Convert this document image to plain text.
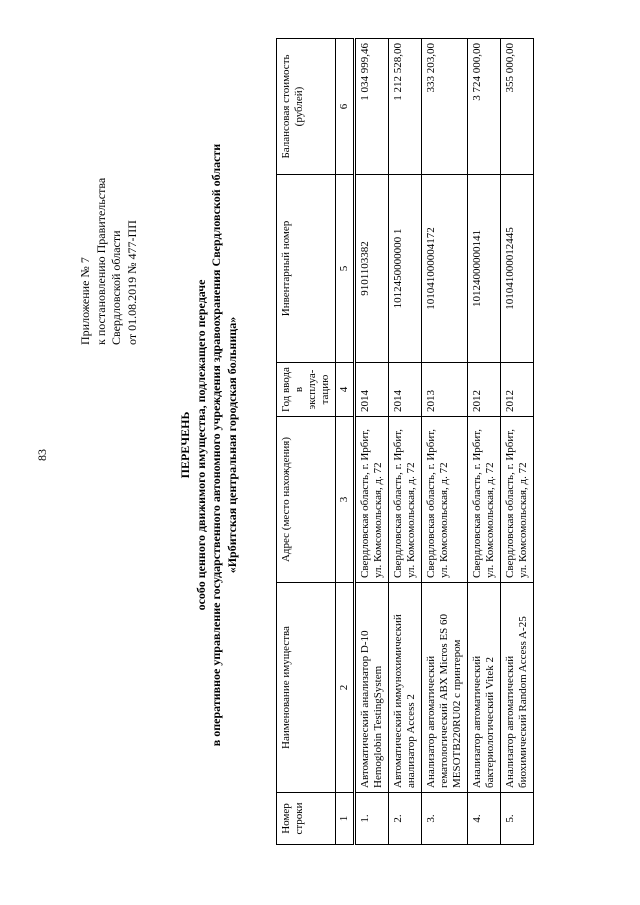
83
Приложение № 7 к постановлению Правительства Свердловской области от 01.08.2019 № 477-ПП
ПЕРЕЧЕНЬ особо ценного движимого имущества, подлежащего передаче в оперативное управление государственного автономного учреждения здравоохранения Свердловской области «Ирбитская центральная городская больница»
Номер строки	Наименование имущества	Адрес (место нахождения)	Год ввода в эксплуа-тацию	Инвентарный номер	Балансовая стоимость (рублей)
1	2	3	4	5	6
1.	Автоматический анализатор D-10 Hemoglobin TestingSystem	Свердловская область, г. Ирбит, ул. Комсомольская, д. 72	2014	9101103382	1 034 999,46
2.	Автоматический иммунохимический анализатор Access 2	Свердловская область, г. Ирбит, ул. Комсомольская, д. 72	2014	1012450000000 1	1 212 528,00
3.	Анализатор автоматический гематологический ABX Micros ES 60 MESOTB220RU02 с принтером	Свердловская область, г. Ирбит, ул. Комсомольская, д. 72	2013	101041000004172	333 203,00
4.	Анализатор автоматический бактериологический Vitek 2	Свердловская область, г. Ирбит, ул. Комсомольская, д. 72	2012	10124000000141	3 724 000,00
5.	Анализатор автоматический биохимический Random Access A-25	Свердловская область, г. Ирбит, ул. Комсомольская, д. 72	2012	101041000012445	355 000,00
